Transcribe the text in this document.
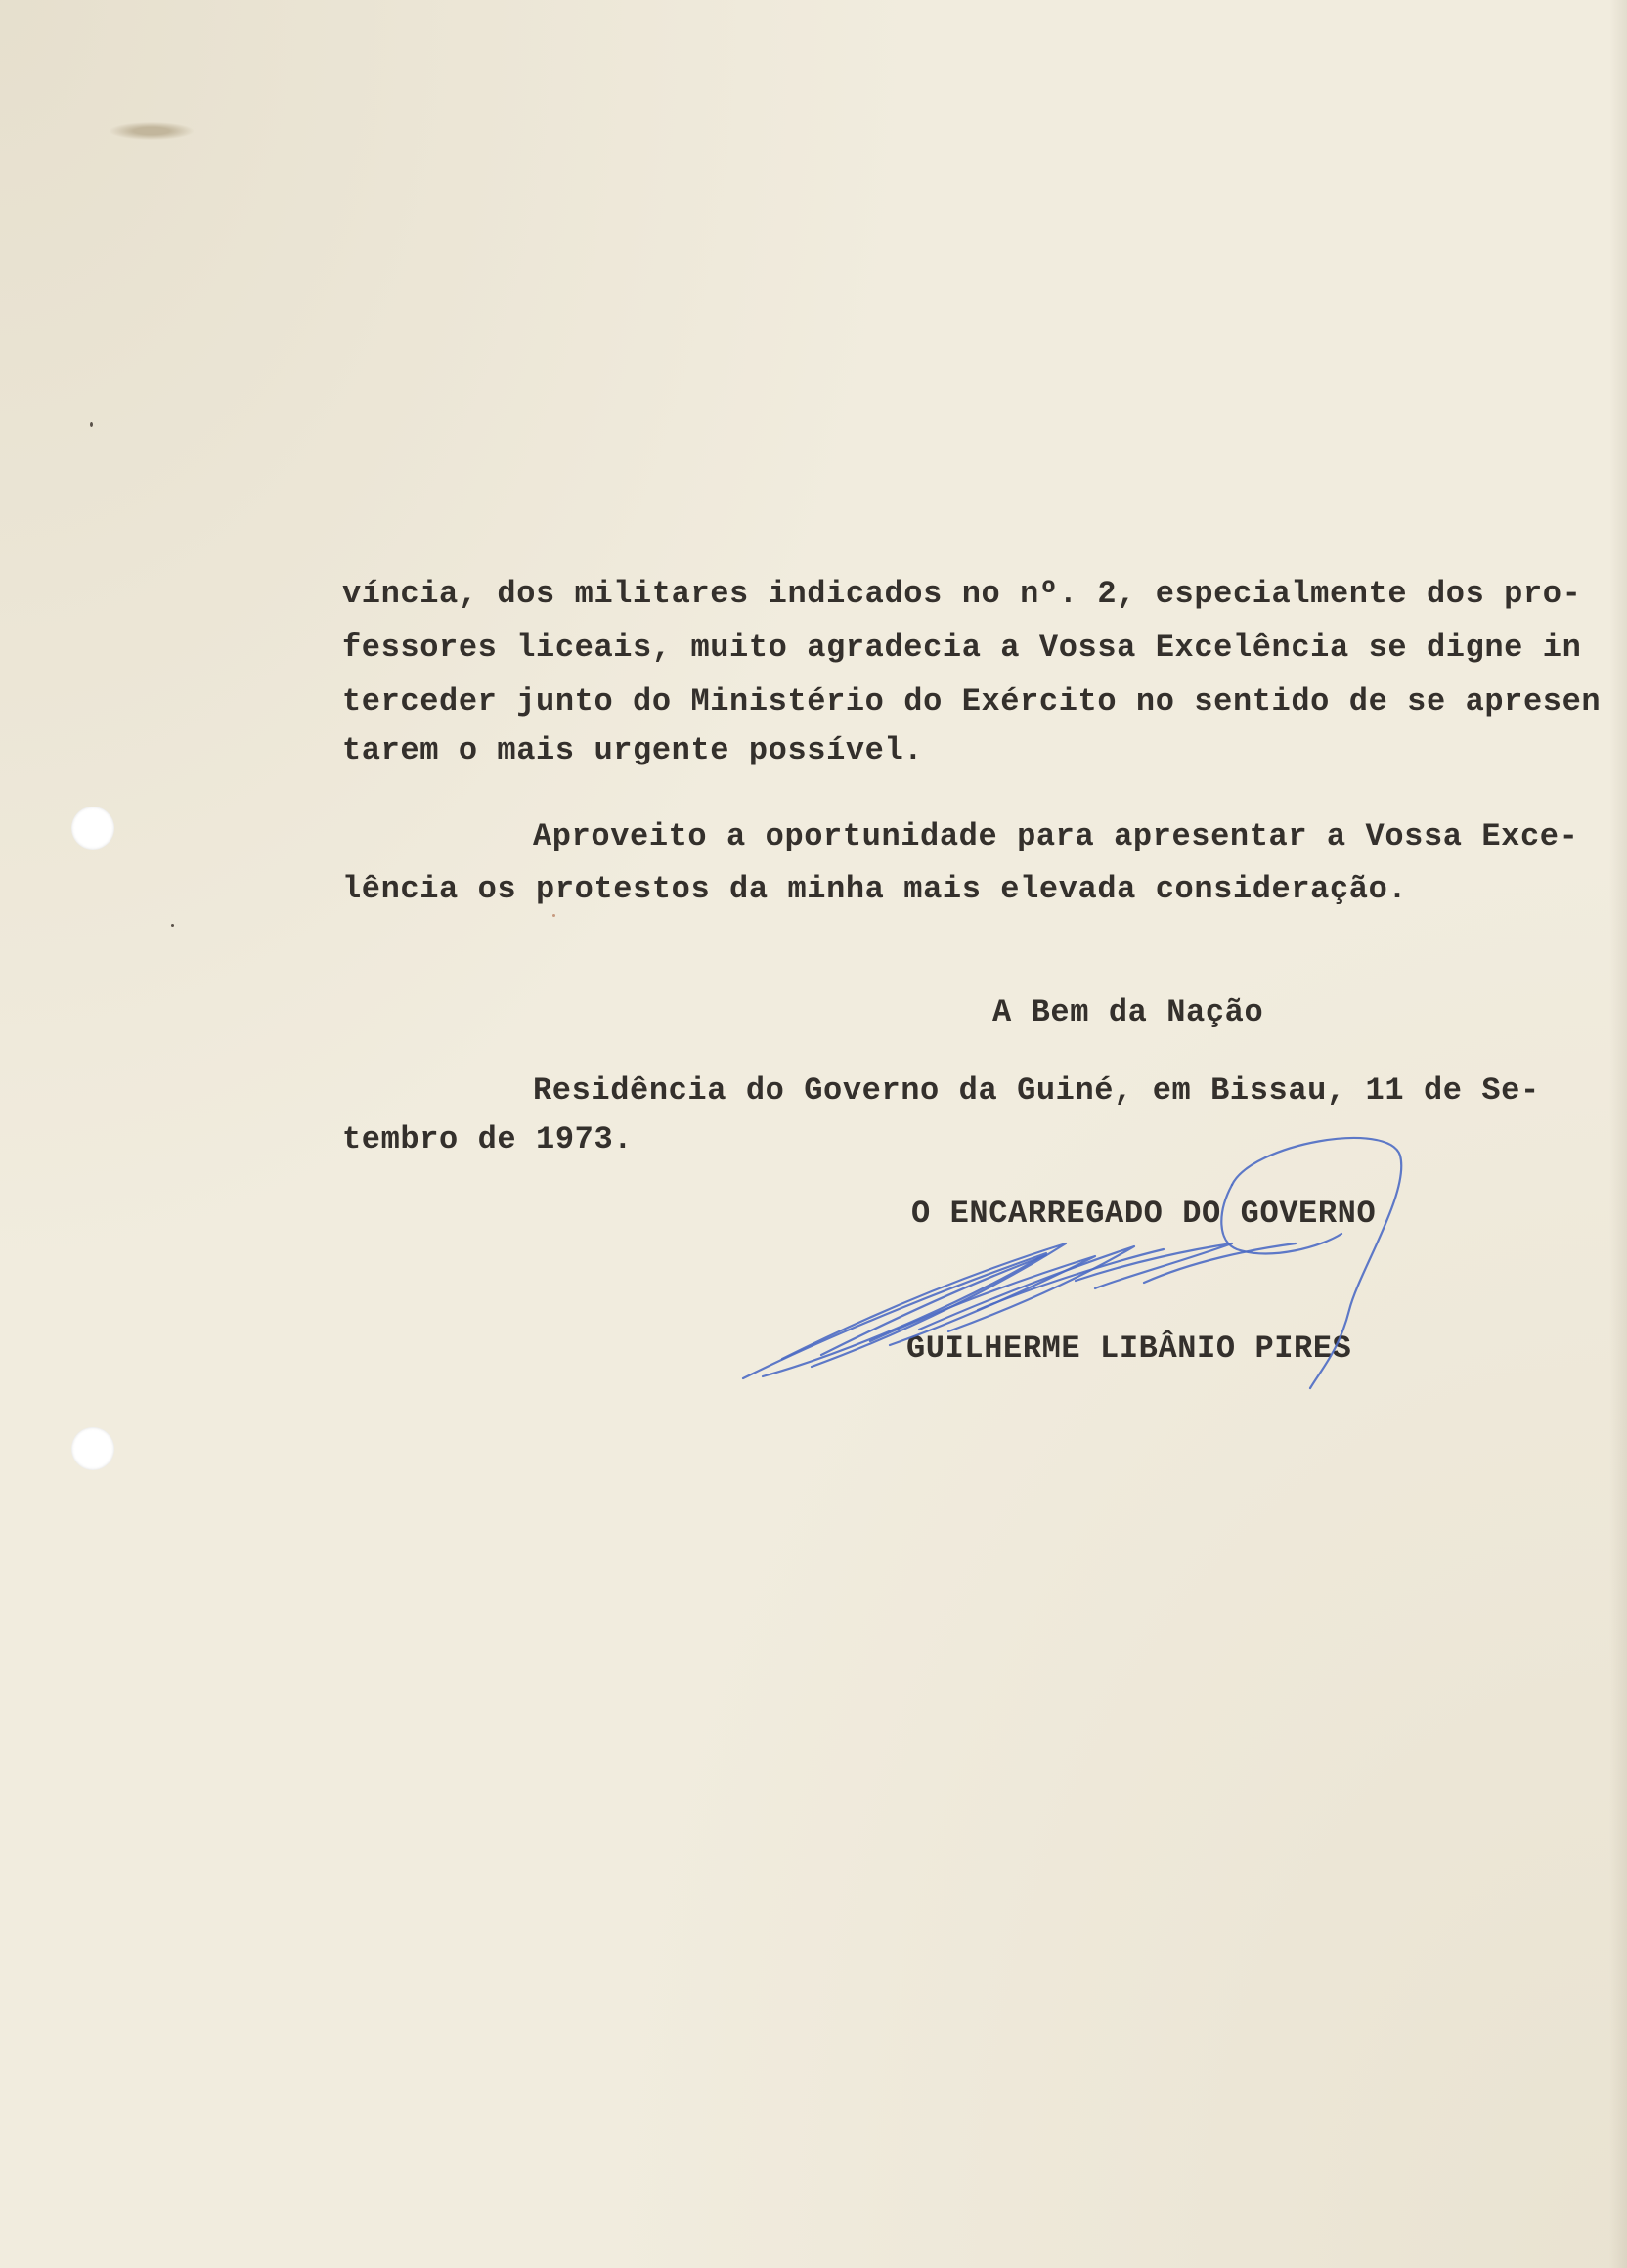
víncia, dos militares indicados no nº. 2, especialmente dos pro-
fessores liceais, muito agradecia a Vossa Excelência se digne in
terceder junto do Ministério do Exército no sentido de se apresen
tarem o mais urgente possível.
Aproveito a oportunidade para apresentar a Vossa Exce-
lência os protestos da minha mais elevada consideração.
A Bem da Nação
Residência do Governo da Guiné, em Bissau, 11 de Se-
tembro de 1973.
O ENCARREGADO DO GOVERNO
GUILHERME LIBÂNIO PIRES
